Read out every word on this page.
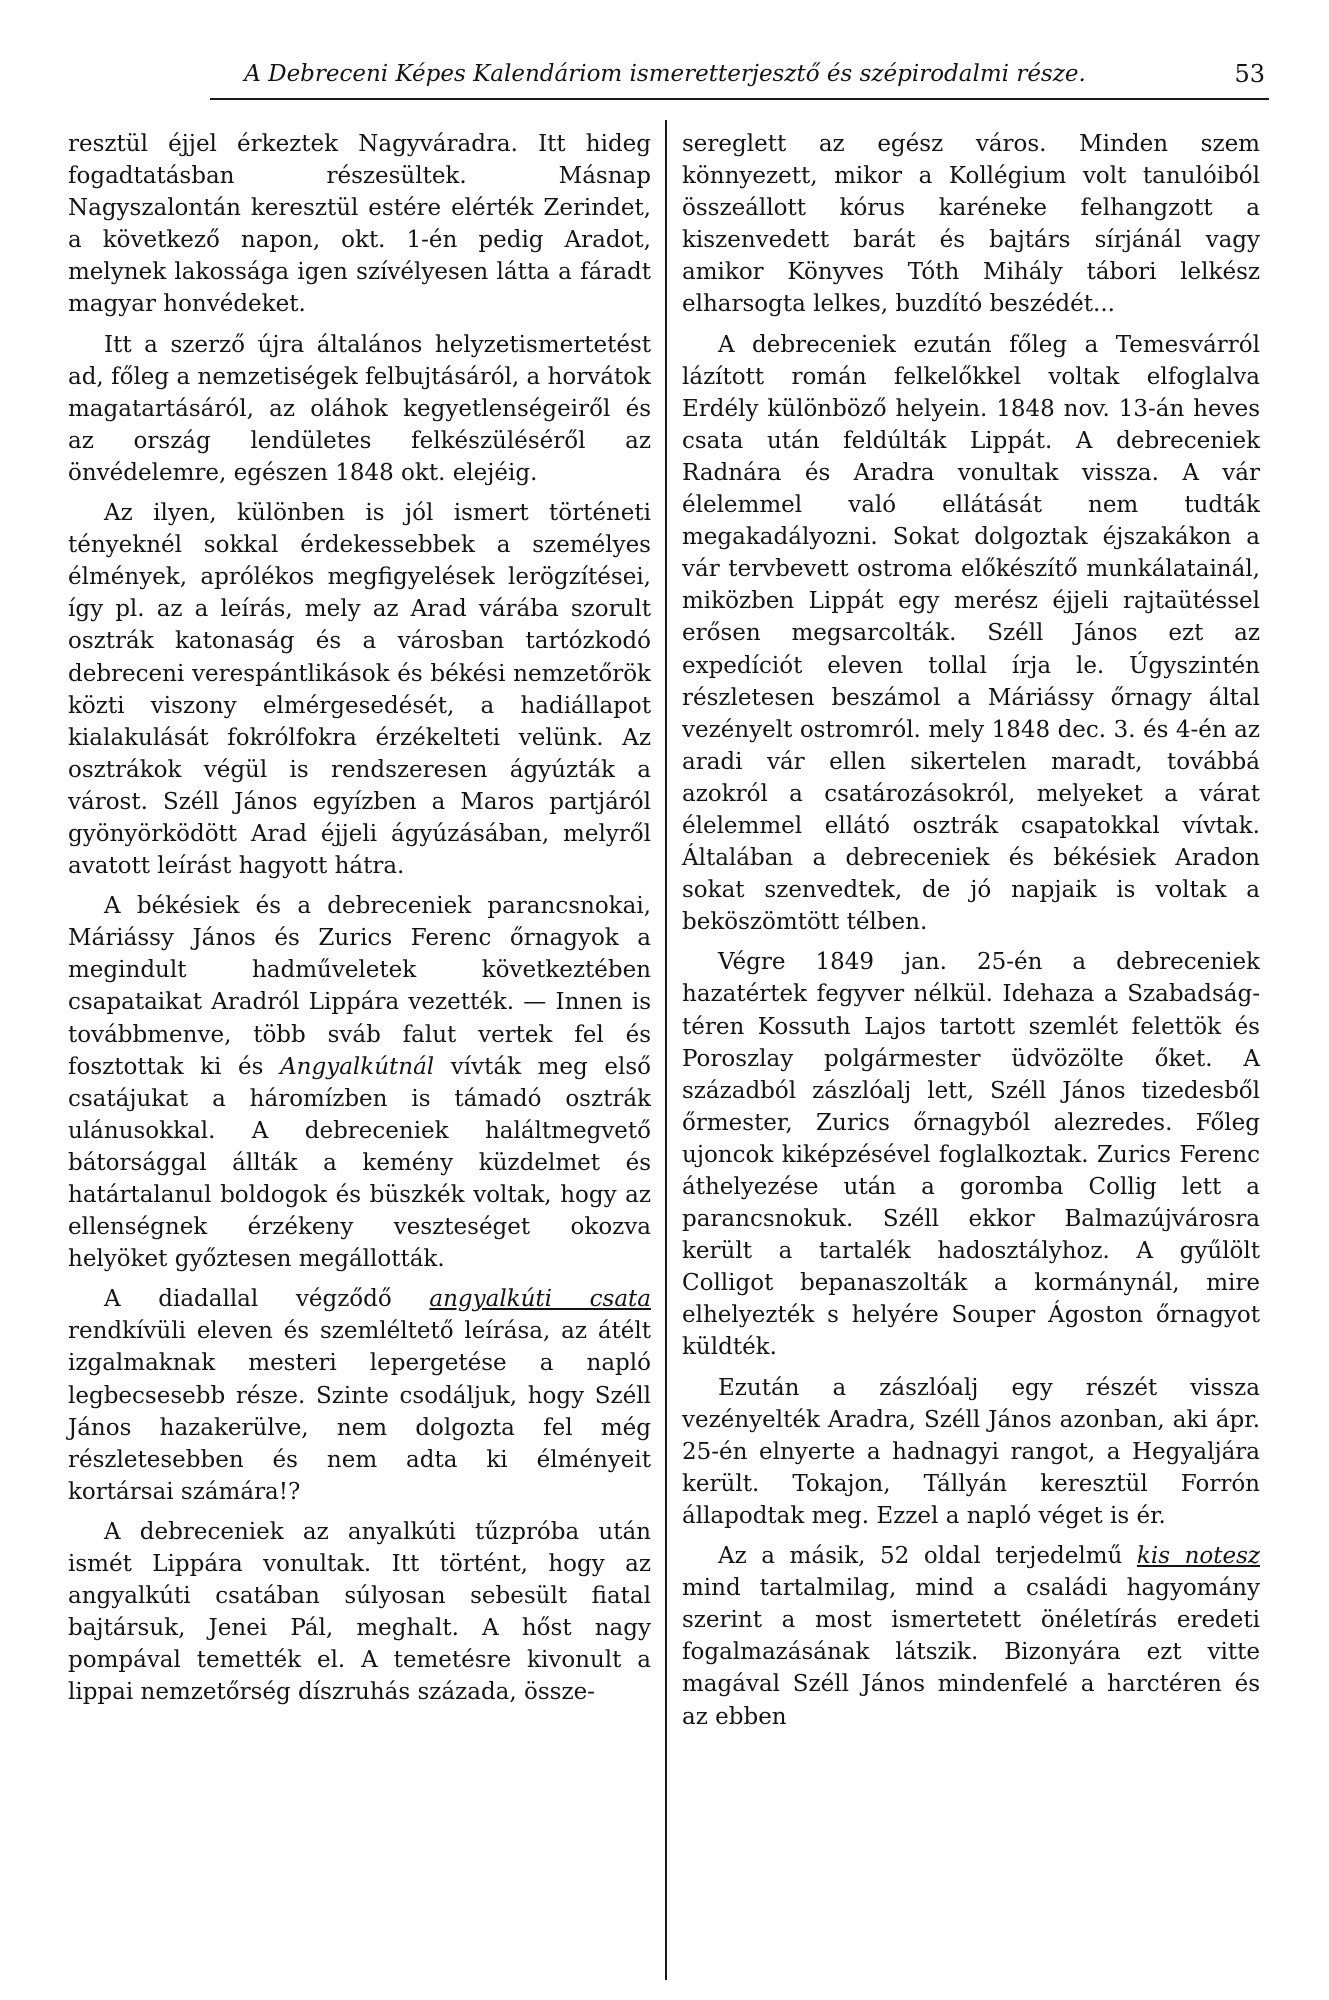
A Debreceni Képes Kalendáriom ismeretterjesztő és szépirodalmi része.	53

resztül éjjel érkeztek Nagyváradra. Itt hideg fogadtatásban részesültek. Másnap Nagyszalontán keresztül estére elérték Zerindet, a következő napon, okt. 1-én pedig Aradot, melynek lakossága igen szívélyesen látta a fáradt magyar honvédeket.

Itt a szerző újra általános helyzetismertetést ad, főleg a nemzetiségek felbujtásáról, a horvátok magatartásáról, az oláhok kegyetlenségeiről és az ország lendületes felkészüléséről az önvédelemre, egészen 1848 okt. elejéig.

Az ilyen, különben is jól ismert történeti tényeknél sokkal érdekessebbek a személyes élmények, aprólékos megfigyelések lerögzítései, így pl. az a leírás, mely az Arad várába szorult osztrák katonaság és a városban tartózkodó debreceni verespántlikások és békési nemzetőrök közti viszony elmérgesedését, a hadiállapot kialakulását fokrólfokra érzékelteti velünk. Az osztrákok végül is rendszeresen ágyúzták a várost. Széll János egyízben a Maros partjáról gyönyörködött Arad éjjeli ágyúzásában, melyről avatott leírást hagyott hátra.

A békésiek és a debreceniek parancsnokai, Máriássy János és Zurics Ferenc őrnagyok a megindult hadműveletek következtében csapataikat Aradról Lippára vezették. — Innen is továbbmenve, több sváb falut vertek fel és fosztottak ki és Angyalkútnál vívták meg első csatájukat a háromízben is támadó osztrák ulánusokkal. A debreceniek haláltmegvető bátorsággal állták a kemény küzdelmet és határtalanul boldogok és büszkék voltak, hogy az ellenségnek érzékeny veszteséget okozva helyöket győztesen megállották.

A diadallal végződő angyalkúti csata rendkívüli eleven és szemléltető leírása, az átélt izgalmaknak mesteri lepergetése a napló legbecsesebb része. Szinte csodáljuk, hogy Széll János hazakerülve, nem dolgozta fel még részletesebben és nem adta ki élményeit kortársai számára!?

A debreceniek az anyalkúti tűzpróba után ismét Lippára vonultak. Itt történt, hogy az angyalkúti csatában súlyosan sebesült fiatal bajtársuk, Jenei Pál, meghalt. A hőst nagy pompával temették el. A temetésre kivonult a lippai nemzetőrség díszruhás százada, össze-

sereglett az egész város. Minden szem könnyezett, mikor a Kollégium volt tanulóiból összeállott kórus karéneke felhangzott a kiszenvedett barát és bajtárs sírjánál vagy amikor Könyves Tóth Mihály tábori lelkész elharsogta lelkes, buzdító beszédét...

A debreceniek ezután főleg a Temesvárról lázított román felkelőkkel voltak elfoglalva Erdély különböző helyein. 1848 nov. 13-án heves csata után feldúlták Lippát. A debreceniek Radnára és Aradra vonultak vissza. A vár élelemmel való ellátását nem tudták megakadályozni. Sokat dolgoztak éjszakákon a vár tervbevett ostroma előkészítő munkálatainál, miközben Lippát egy merész éjjeli rajtaütéssel erősen megsarcolták. Széll János ezt az expedíciót eleven tollal írja le. Úgyszintén részletesen beszámol a Máriássy őrnagy által vezényelt ostromról. mely 1848 dec. 3. és 4-én az aradi vár ellen sikertelen maradt, továbbá azokról a csatározásokról, melyeket a várat élelemmel ellátó osztrák csapatokkal vívtak. Általában a debreceniek és békésiek Aradon sokat szenvedtek, de jó napjaik is voltak a beköszömtött télben.

Végre 1849 jan. 25-én a debreceniek hazatértek fegyver nélkül. Idehaza a Szabadság-téren Kossuth Lajos tartott szemlét felettök és Poroszlay polgármester üdvözölte őket. A századból zászlóalj lett, Széll János tizedesből őrmester, Zurics őrnagyból alezredes. Főleg ujoncok kiképzésével foglalkoztak. Zurics Ferenc áthelyezése után a goromba Collig lett a parancsnokuk. Széll ekkor Balmazújvárosra került a tartalék hadosztályhoz. A gyűlölt Colligot bepanaszolták a kormánynál, mire elhelyezték s helyére Souper Ágoston őrnagyot küldték.

Ezután a zászlóalj egy részét vissza vezényelték Aradra, Széll János azonban, aki ápr. 25-én elnyerte a hadnagyi rangot, a Hegyaljára került. Tokajon, Tállyán keresztül Forrón állapodtak meg. Ezzel a napló véget is ér.

Az a másik, 52 oldal terjedelmű kis notesz mind tartalmilag, mind a családi hagyomány szerint a most ismertetett önéletírás eredeti fogalmazásának látszik. Bizonyára ezt vitte magával Széll János mindenfelé a harctéren és az ebben
